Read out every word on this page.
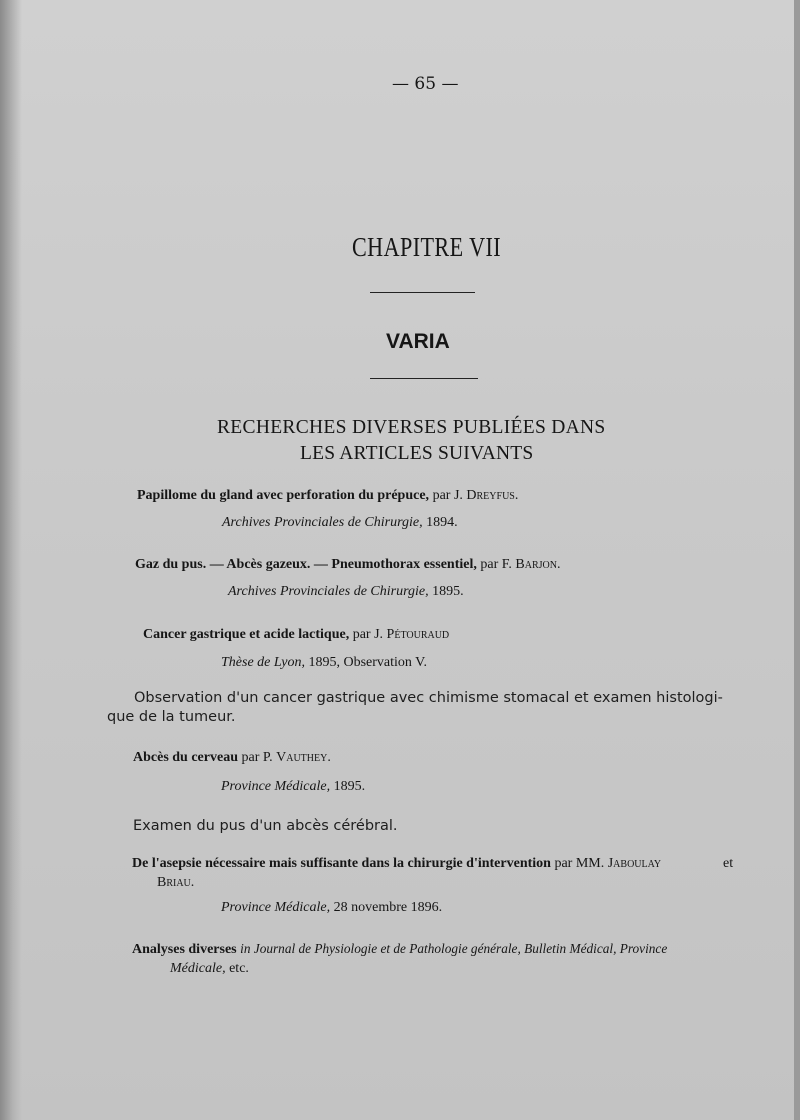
— 65 —
CHAPITRE VII
VARIA
RECHERCHES DIVERSES PUBLIÉES DANS
LES ARTICLES SUIVANTS
Papillome du gland avec perforation du prépuce, par J. Dreyfus.
Archives Provinciales de Chirurgie, 1894.
Gaz du pus. — Abcès gazeux. — Pneumothorax essentiel, par F. Barjon.
Archives Provinciales de Chirurgie, 1895.
Cancer gastrique et acide lactique, par J. Pétouraud
Thèse de Lyon, 1895, Observation V.
Observation d'un cancer gastrique avec chimisme stomacal et examen histologi-
que de la tumeur.
Abcès du cerveau par P. Vauthey.
Province Médicale, 1895.
Examen du pus d'un abcès cérébral.
De l'asepsie nécessaire mais suffisante dans la chirurgie d'intervention par MM. Jaboulay	et
Briau.
Province Médicale, 28 novembre 1896.
Analyses diverses in Journal de Physiologie et de Pathologie générale, Bulletin Médical, Province
Médicale, etc.
